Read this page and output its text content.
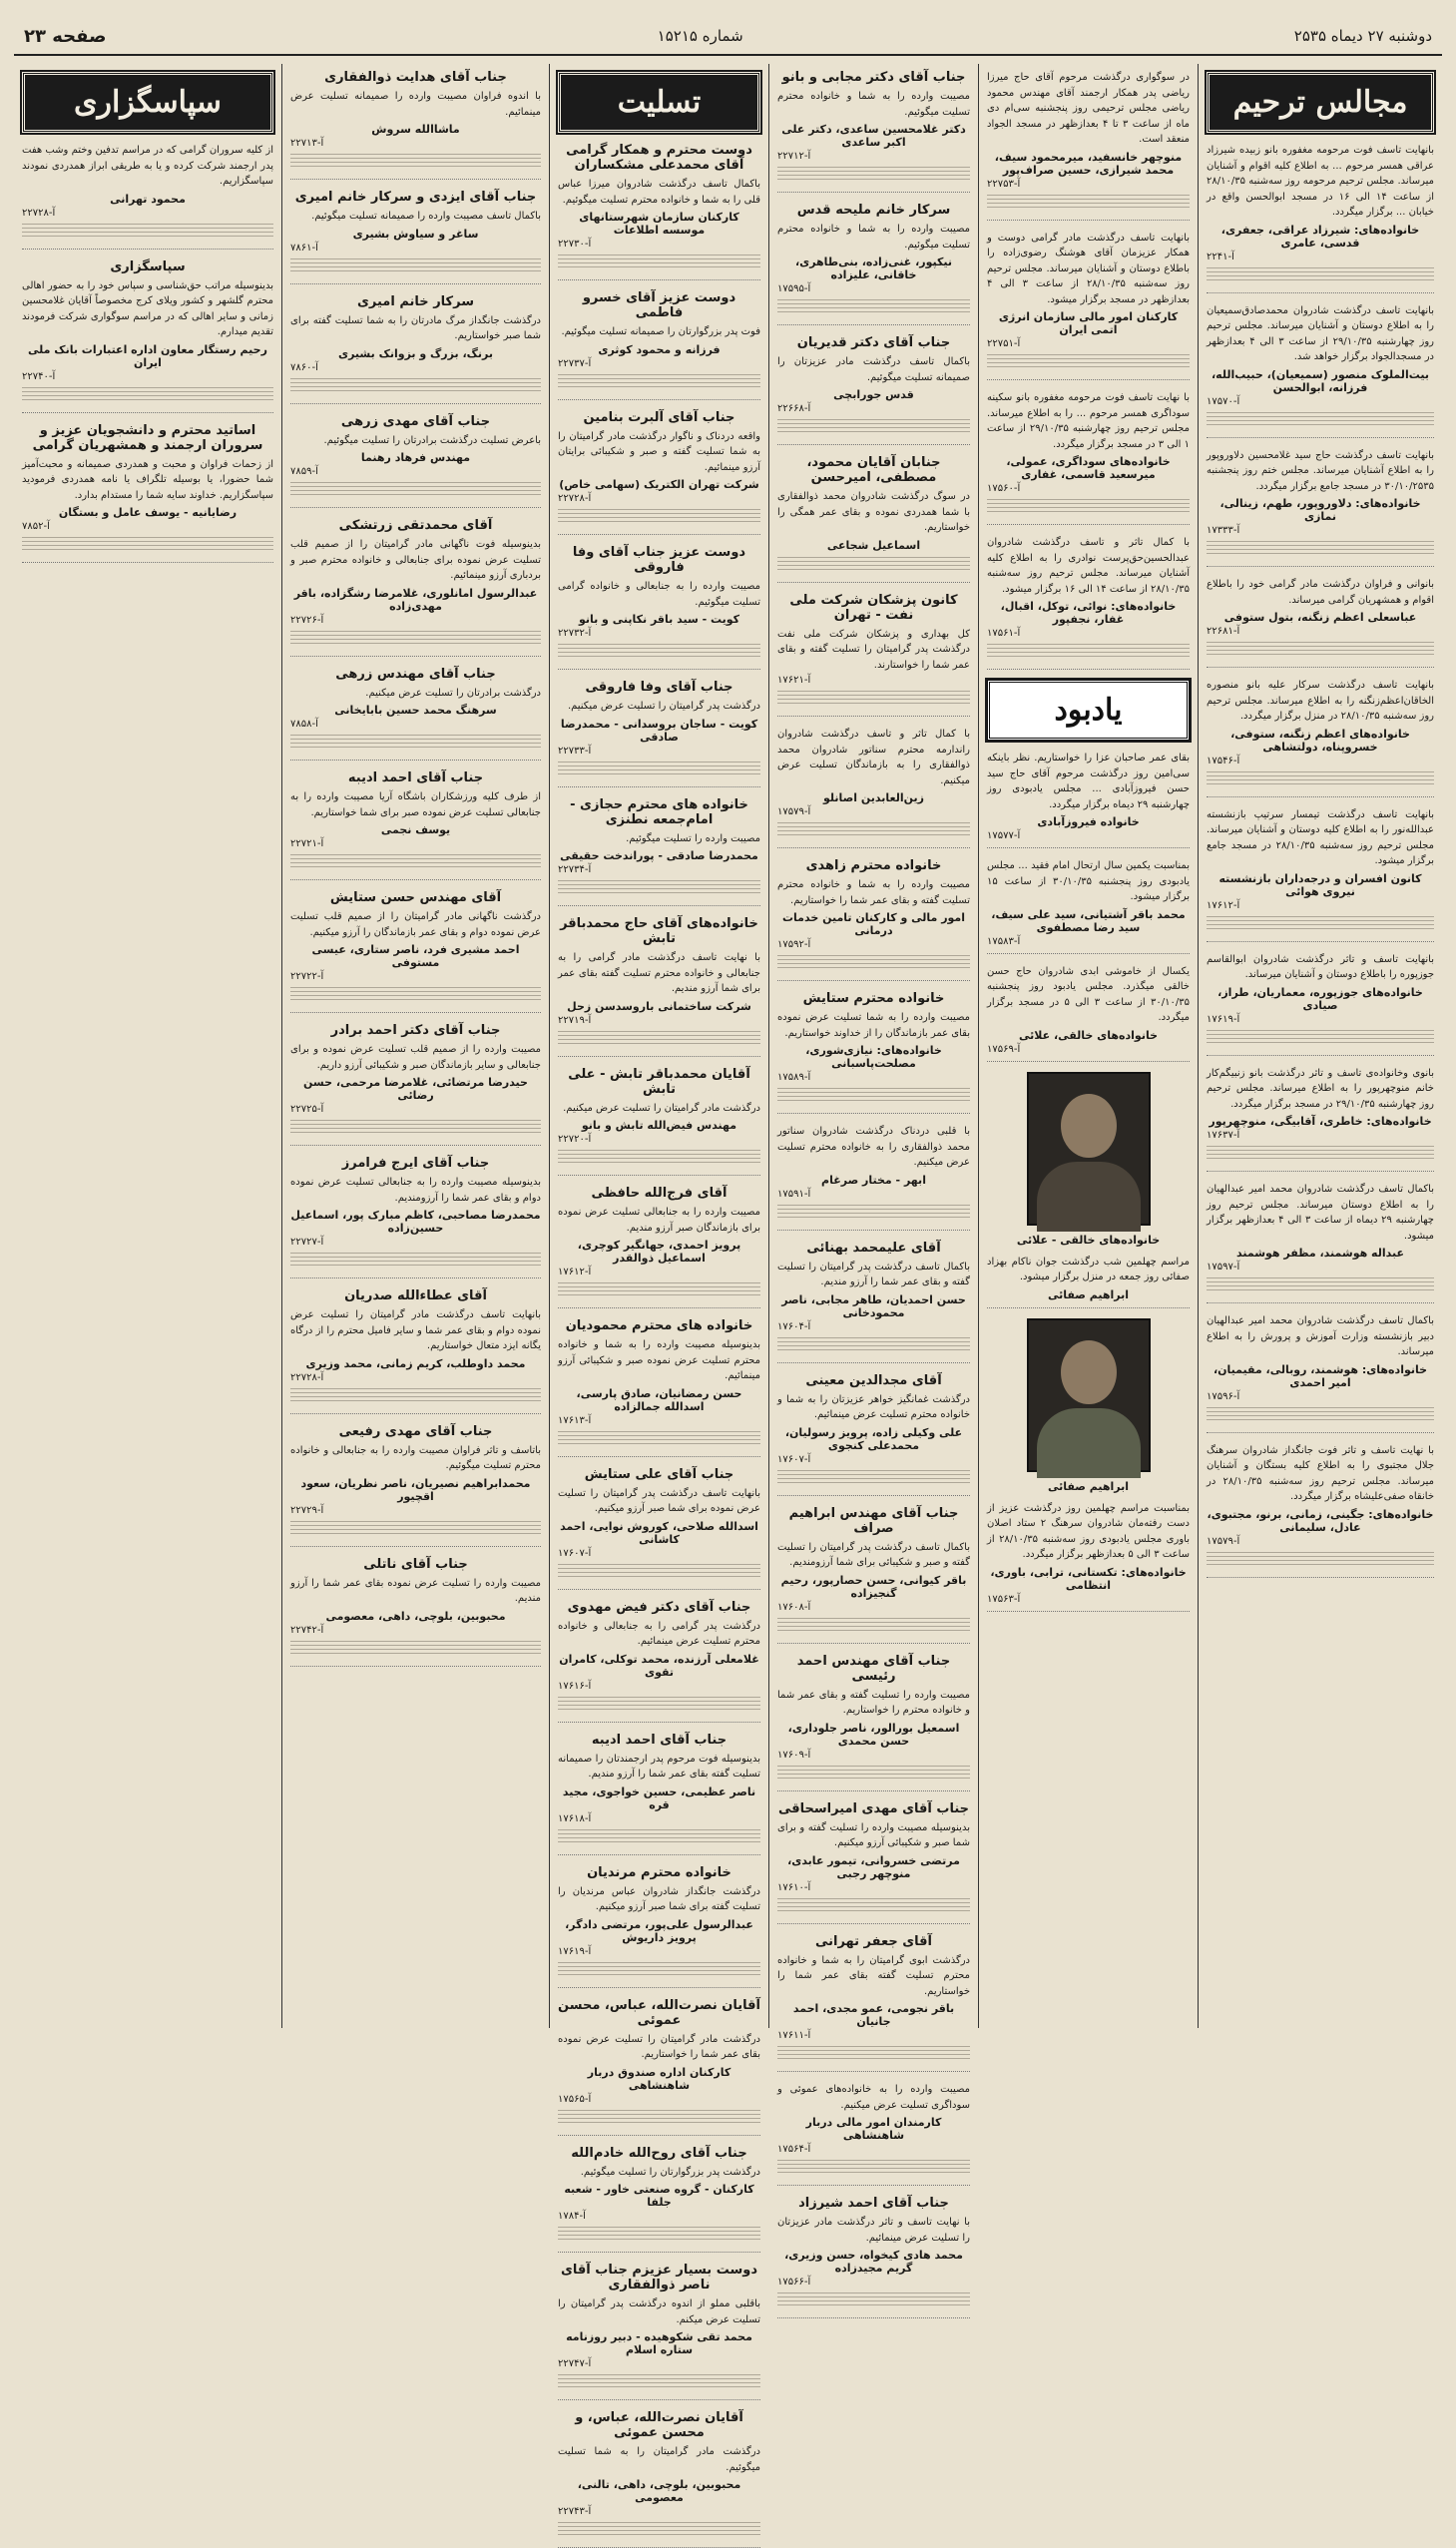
دوشنبه ۲۷ دیماه ۲۵۳۵
شماره ۱۵۲۱۵
صفحه ۲۳
مجالس ترحیم

بانهایت تاسف فوت مرحومه مغفوره بانو زبیده شیرزاد عراقی همسر مرحوم ... به اطلاع کلیه اقوام و آشنایان میرساند. مجلس ترحیم مرحومه روز سه‌شنبه ۲۸/۱۰/۳۵ از ساعت ۱۴ الی ۱۶ در مسجد ابوالحسن واقع در خیابان ... برگزار میگردد.

خانواده‌های: شیرزاد عراقی، جعفری، قدسی، عامری
آ-۲۲۴۱

بانهایت تاسف درگذشت شادروان محمدصادق‌سمیعیان را به اطلاع دوستان و آشنایان میرساند. مجلس ترحیم روز چهارشنبه ۲۹/۱۰/۳۵ از ساعت ۳ الی ۴ بعدازظهر در مسجدالجواد برگزار خواهد شد.

بیت‌الملوک منصور (سمیعیان)، حبیب‌الله، فرزانه، ابوالحسن
آ-۱۷۵۷۰

بانهایت تاسف درگذشت حاج سید غلامحسین دلاوروپور را به اطلاع آشنایان میرساند. مجلس ختم روز پنجشنبه ۳۰/۱۰/۲۵۳۵ در مسجد جامع برگزار میگردد.

خانواده‌های: دلاوروپور، طهم، زینالی، نمازی
آ-۱۷۳۳۳

بانوانی و فراوان درگذشت مادر گرامی خود را باطلاع اقوام و همشهریان گرامی میرساند.

عباسعلی اعظم زنگنه، بتول ستوفی
آ-۲۲۶۸۱

بانهایت تاسف درگذشت سرکار علیه بانو منصوره الخاقان‌اعظم‌زنگنه را به اطلاع میرساند. مجلس ترحیم روز سه‌شنبه ۲۸/۱۰/۳۵ در منزل برگزار میگردد.

خانواده‌های اعظم زنگنه، ستوفی، خسروپناه، دولتشاهی
آ-۱۷۵۴۶

بانهایت تاسف درگذشت تیمسار سرتیپ بازنشسته عبدالله‌نور را به اطلاع کلیه دوستان و آشنایان میرساند. مجلس ترحیم روز سه‌شنبه ۲۸/۱۰/۳۵ در مسجد جامع برگزار میشود.

کانون افسران و درجه‌داران بازنشسته نیروی هوائی
آ-۱۷۶۱۲

بانهایت تاسف و تاثر درگذشت شادروان ابوالقاسم جوزپوره را باطلاع دوستان و آشنایان میرساند.

خانواده‌های جوزپوره، معماریان، طراز، صیادی
آ-۱۷۶۱۹

بانوی وخانواده‌ی تاسف و تاثر درگذشت بانو زنبیگم‌کار خانم منوچهرپور را به اطلاع میرساند. مجلس ترحیم روز چهارشنبه ۲۹/۱۰/۳۵ در مسجد برگزار میگردد.

خانواده‌های: خاطری، آقابیگی، منوچهرپور
آ-۱۷۶۳۷

باکمال تاسف درگذشت شادروان محمد امیر عبدالهیان را به اطلاع دوستان میرساند. مجلس ترحیم روز چهارشنبه ۲۹ دیماه از ساعت ۳ الی ۴ بعدازظهر برگزار میشود.

عبداله هوشمند، مظفر هوشمند
آ-۱۷۵۹۷

باکمال تاسف درگذشت شادروان محمد امیر عبدالهیان دبیر بازنشسته وزارت آموزش و پرورش را به اطلاع میرساند.

خانواده‌های: هوشمند، روبالی، مقیمیان، امیر احمدی
آ-۱۷۵۹۶

با نهایت تاسف و تاثر فوت جانگداز شادروان سرهنگ جلال مجتبوی را به اطلاع کلیه بستگان و آشنایان میرساند. مجلس ترحیم روز سه‌شنبه ۲۸/۱۰/۳۵ در خانقاه صفی‌علیشاه برگزار میگردد.

خانواده‌های: جگینی، زمانی، برنو، مجتبوی، عادل، سلیمانی
آ-۱۷۵۷۹

در سوگواری درگذشت مرحوم آقای حاج میرزا ریاضی پدر همکار ارجمند آقای مهندس محمود ریاضی مجلس ترحیمی روز پنجشنبه سی‌ام دی ماه از ساعت ۳ تا ۴ بعدازظهر در مسجد الجواد منعقد است.

منوچهر خانسفید، میرمحمود سیف، محمد شیرازی، حسین صراف‌پور
آ-۲۲۷۵۳

بانهایت تاسف درگذشت مادر گرامی دوست و همکار عزیزمان آقای هوشنگ رضوی‌زاده را باطلاع دوستان و آشنایان میرساند. مجلس ترحیم روز سه‌شنبه ۲۸/۱۰/۳۵ از ساعت ۳ الی ۴ بعدازظهر در مسجد برگزار میشود.

کارکنان امور مالی سازمان انرژی اتمی ایران
آ-۲۲۷۵۱

با نهایت تاسف فوت مرحومه مغفوره بانو سکینه سودا‌گری همسر مرحوم ... را به اطلاع میرساند. مجلس ترحیم روز چهارشنبه ۲۹/۱۰/۳۵ از ساعت ۱ الی ۳ در مسجد برگزار میگردد.

خانواده‌های سودا‌گری، عمولی، میرسعید قاسمی، غفاری
آ-۱۷۵۶۰

با کمال تاثر و تاسف درگذشت شادروان عبدالحسین‌حق‌پرست نوادری را به اطلاع کلیه آشنایان میرساند. مجلس ترحیم روز سه‌شنبه ۲۸/۱۰/۳۵ از ساعت ۱۴ الی ۱۶ برگزار میشود.

خانواده‌های: نوائی، توکل، اقبال، غفار، نجفپور
آ-۱۷۵۶۱
یادبود

بقای عمر صاحبان عزا را خواستاریم. نظر باینکه سی‌امین روز درگذشت مرحوم آقای حاج سید حسن فیروزآبادی ... مجلس یادبودی روز چهارشنبه ۲۹ دیماه برگزار میگردد.

خانواده فیروزآبادی
آ-۱۷۵۷۷

بمناسبت یکمین سال ارتحال امام فقید ... مجلس یادبودی روز پنجشنبه ۳۰/۱۰/۳۵ از ساعت ۱۵ برگزار میشود.

محمد باقر آشتیانی، سید علی سیف، سید رضا مصطفوی
آ-۱۷۵۸۳

یکسال از خاموشی ابدی شادروان حاج حسن خالقی میگذرد. مجلس یادبود روز پنجشنبه ۳۰/۱۰/۳۵ از ساعت ۳ الی ۵ در مسجد برگزار میگردد.

خانواده‌های خالقی، علائی
آ-۱۷۵۶۹
خانواده‌های خالقی - علائی

مراسم چهلمین شب درگذشت جوان ناکام بهزاد صفائی روز جمعه در منزل برگزار میشود.

ابراهیم صفائی
ابراهیم صفائی

بمناسبت مراسم چهلمین روز درگذشت عزیز از دست رفته‌مان شادروان سرهنگ ۲ ستاد اصلان باوری مجلس یادبودی روز سه‌شنبه ۲۸/۱۰/۳۵ از ساعت ۳ الی ۵ بعدازظهر برگزار میگردد.

خانواده‌های: تکستانی، ترابی، باوری، انتظامی
آ-۱۷۵۶۳
جناب آقای دکتر مجابی و بانو

مصیبت وارده را به شما و خانواده محترم تسلیت میگوئیم.

دکتر غلامحسین ساعدی، دکتر علی اکبر ساعدی
آ-۲۲۷۱۲
سرکار خانم ملیحه قدس

مصیبت وارده را به شما و خانواده محترم تسلیت میگوئیم.

نیکپور، غنی‌زاده، بنی‌طاهری، خاقانی، علیزاده
آ-۱۷۵۹۵
جناب آقای دکتر قدیریان

باکمال تاسف درگذشت مادر عزیزتان را صمیمانه تسلیت میگوئیم.

قدس جورابچی
آ-۲۲۶۶۸
جنابان آقایان محمود، مصطفی، امیرحسن

در سوگ درگذشت شادروان محمد ذوالفقاری با شما همدردی نموده و بقای عمر همگی را خواستاریم.

اسماعیل شجاعی
کانون پزشکان شرکت ملی نفت - تهران

کل بهداری و پزشکان شرکت ملی نفت درگذشت پدر گرامیتان را تسلیت گفته و بقای عمر شما را خواستارند.

آ-۱۷۶۲۱

با کمال تاثر و تاسف درگذشت شادروان راندارمه محترم سناتور شادروان محمد ذوالفقاری را به بازماندگان تسلیت عرض میکنیم.

زین‌العابدین اصانلو
آ-۱۷۵۷۹
خانواده محترم زاهدی

مصیبت وارده را به شما و خانواده محترم تسلیت گفته و بقای عمر شما را خواستاریم.

امور مالی و کارکنان تامین خدمات درمانی
آ-۱۷۵۹۲
خانواده محترم ستایش

مصیبت وارده را به شما تسلیت عرض نموده بقای عمر بازماندگان را از خداوند خواستاریم.

خانواده‌های: نیازی‌شوری، مصلحت‌پاسبانی
آ-۱۷۵۸۹

با قلبی دردناک درگذشت شادروان سناتور محمد ذوالفقاری را به خانواده محترم تسلیت عرض میکنیم.

ابهر - مختار صرغام
آ-۱۷۵۹۱
آقای علیمحمد بهنائی

باکمال تاسف درگذشت پدر گرامیتان را تسلیت گفته و بقای عمر شما را آرزو مندیم.

حسن احمدیان، طاهر مجابی، ناصر محمودخانی
آ-۱۷۶۰۴
آقای مجدالدین معینی

درگذشت غمانگیز خواهر عزیزتان را به شما و خانواده محترم تسلیت عرض مینمائیم.

علی وکیلی زاده، پرویز رسولیان، محمدعلی کنجوی
آ-۱۷۶۰۷
جناب آقای مهندس ابراهیم صراف

باکمال تاسف درگذشت پدر گرامیتان را تسلیت گفته و صبر و شکیبائی برای شما آرزومندیم.

باقر کیوانی، حسن حصارپور، رحیم گنجیزاده
آ-۱۷۶۰۸
جناب آقای مهندس احمد رئیسی

مصیبت وارده را تسلیت گفته و بقای عمر شما و خانواده محترم را خواستاریم.

اسمعیل بورالور، ناصر جلوداری، حسن محمدی
آ-۱۷۶۰۹
جناب آقای مهدی امیراسحاقی

بدینوسیله مصیبت وارده را تسلیت گفته و برای شما صبر و شکیبائی آرزو میکنیم.

مرتضی خسروانی، تیمور عابدی، منوچهر رجبی
آ-۱۷۶۱۰
آقای جعفر تهرانی

درگذشت ابوی گرامیتان را به شما و خانواده محترم تسلیت گفته بقای عمر شما را خواستاریم.

باقر نجومی، عمو مجدی، احمد جانیان
آ-۱۷۶۱۱

مصیبت وارده را به خانواده‌های عموئی و سوداگری تسلیت عرض میکنیم.

کارمندان امور مالی دربار شاهنشاهی
آ-۱۷۵۶۴
جناب آقای احمد شیرزاد

با نهایت تاسف و تاثر درگذشت مادر عزیزتان را تسلیت عرض مینمائیم.

محمد هادی کیخواه، حسن وزیری، گریم مجیدزاده
آ-۱۷۵۶۶
تسلیت
دوست محترم و همکار گرامی آقای محمدعلی مشکساران

باکمال تاسف درگذشت شادروان میرزا عباس قلی را به شما و خانواده محترم تسلیت میگوئیم.

کارکنان سازمان شهرستانهای موسسه اطلاعات
آ-۲۲۷۳۰
دوست عزیز آقای خسرو فاطمی

فوت پدر بزرگوارتان را صمیمانه تسلیت میگوئیم.

فرزانه و محمود کوثری
آ-۲۲۷۳۷
جناب آقای آلبرت بنامین

واقعه دردناک و ناگوار درگذشت مادر گرامیتان را به شما تسلیت گفته و صبر و شکیبائی برایتان آرزو مینمائیم.

شرکت تهران الکتریک (سهامی خاص)
آ-۲۲۷۲۸
دوست عزیز جناب آقای وفا فاروقی

مصیبت وارده را به جنابعالی و خانواده گرامی تسلیت میگوئیم.

کویت - سید باقر نکاپنی و بانو
آ-۲۲۷۳۲
جناب آقای وفا فاروقی

درگذشت پدر گرامیتان را تسلیت عرض میکنیم.

کویت - ساجان بروسدانی - محمدرضا صادقی
آ-۲۲۷۳۳
خانواده های محترم حجازی - امام‌جمعه نطنزی

مصیبت وارده را تسلیت میگوئیم.

محمدرضا صادقی - پوراندخت حقیقی
آ-۲۲۷۳۴
خانواده‌های آقای حاج محمدباقر تابش

با نهایت تاسف درگذشت مادر گرامی را به جنابعالی و خانواده محترم تسلیت گفته بقای عمر برای شما آرزو مندیم.

شرکت ساختمانی باروسدسن زحل
آ-۲۲۷۱۹
آقایان محمدباقر تابش - علی تابش

درگذشت مادر گرامیتان را تسلیت عرض میکنیم.

مهندس فیض‌الله تابش و بانو
آ-۲۲۷۲۰
آقای فرج‌الله حافظی

مصیبت وارده را به جنابعالی تسلیت عرض نموده برای بازماندگان صبر آرزو مندیم.

پرویز احمدی، جهانگیر کوچری، اسماعیل ذوالقدر
آ-۱۷۶۱۲
خانواده های محترم محمودیان

بدینوسیله مصیبت وارده را به شما و خانواده محترم تسلیت عرض نموده صبر و شکیبائی آرزو مینمائیم.

حسن رمضانیان، صادق پارسی، اسدالله جمالزاده
آ-۱۷۶۱۳
جناب آقای علی ستایش

بانهایت تاسف درگذشت پدر گرامیتان را تسلیت عرض نموده برای شما صبر آرزو میکنیم.

اسدالله صلاحی، کوروش نوایی، احمد کاشانی
آ-۱۷۶۰۷
جناب آقای دکتر فیض مهدوی

درگذشت پدر گرامی را به جنابعالی و خانواده محترم تسلیت عرض مینمائیم.

غلامعلی آرزنده، محمد توکلی، کامران تقوی
آ-۱۷۶۱۶
جناب آقای احمد ادیبه

بدینوسیله فوت مرحوم پدر ارجمندتان را صمیمانه تسلیت گفته بقای عمر شما را آرزو مندیم.

ناصر عظیمی، حسین خواجوی، مجید قره
آ-۱۷۶۱۸
خانواده محترم مرندیان

درگذشت جانگداز شادروان عباس مرندیان را تسلیت گفته برای شما صبر آرزو میکنیم.

عبدالرسول علی‌پور، مرتضی دادگر، پرویز داریوش
آ-۱۷۶۱۹
آقایان نصرت‌الله، عباس، محسن عموئی

درگذشت مادر گرامیتان را تسلیت عرض نموده بقای عمر شما را خواستاریم.

کارکنان اداره صندوق دربار شاهنشاهی
آ-۱۷۵۶۵
جناب آقای روح‌الله خادم‌الله

درگذشت پدر بزرگوارتان را تسلیت میگوئیم.

کارکنان - گروه صنعتی خاور - شعبه جلفا
آ-۱۷۸۴
دوست بسیار عزیزم جناب آقای ناصر ذوالفقاری

باقلبی مملو از اندوه درگذشت پدر گرامیتان را تسلیت عرض میکنم.

محمد تقی شکوهیده - دبیر روزنامه ستاره اسلام
آ-۲۲۷۴۷
آقایان نصرت‌الله، عباس، و محسن عموئی

درگذشت مادر گرامیتان را به شما تسلیت میگوئیم.

محبوبین، بلوچی، داهی، تالنی، معصومی
آ-۲۲۷۴۳
جناب آقای هدایت ذوالفقاری

با اندوه فراوان مصیبت وارده را صمیمانه تسلیت عرض مینمائیم.

ماشاالله سروش
آ-۲۲۷۱۳
جناب آقای ایزدی و سرکار خانم امیری

باکمال تاسف مصیبت وارده را صمیمانه تسلیت میگوئیم.

ساغر و سیاوش بشیری
آ-۷۸۶۱
سرکار خانم امیری

درگذشت جانگداز مرگ مادرتان را به شما تسلیت گفته برای شما صبر خواستاریم.

برنگ، بزرگ و بزوانک بشیری
آ-۷۸۶۰
جناب آقای مهدی زرهی

باعرض تسلیت درگذشت برادرتان را تسلیت میگوئیم.

مهندس فرهاد رهنما
آ-۷۸۵۹
آقای محمدتقی زرتشکی

بدینوسیله فوت ناگهانی مادر گرامیتان را از صمیم قلب تسلیت عرض نموده برای جنابعالی و خانواده محترم صبر و بردباری آرزو مینمائیم.

عبدالرسول امانلوری، غلامرضا رشگزاده، باقر مهدی‌زاده
آ-۲۲۷۲۶
جناب آقای مهندس زرهی

درگذشت برادرتان را تسلیت عرض میکنیم.

سرهنگ محمد حسین بابایخانی
آ-۷۸۵۸
جناب آقای احمد ادیبه

از طرف کلیه ورزشکاران باشگاه آریا مصیبت وارده را به جنابعالی تسلیت عرض نموده صبر برای شما خواستاریم.

یوسف نجمی
آ-۲۲۷۲۱
آقای مهندس حسن ستایش

درگذشت ناگهانی مادر گرامیتان را از صمیم قلب تسلیت عرض نموده دوام و بقای عمر بازماندگان را آرزو میکنیم.

احمد مشیری فرد، ناصر ستاری، عیسی مستوفی
آ-۲۲۷۲۲
جناب آقای دکتر احمد برادر

مصیبت وارده را از صمیم قلب تسلیت عرض نموده و برای جنابعالی و سایر بازماندگان صبر و شکیبائی آرزو داریم.

حیدرضا مرتضائی، غلامرضا مرحمی، حسن رضائی
آ-۲۲۷۲۵
جناب آقای ایرج فرامرز

بدینوسیله مصیبت وارده را به جنابعالی تسلیت عرض نموده دوام و بقای عمر شما را آرزومندیم.

محمدرضا مصاحبی، کاظم مبارک پور، اسماعیل حسین‌زاده
آ-۲۲۷۲۷
آقای عطاءالله صدریان

بانهایت تاسف درگذشت مادر گرامیتان را تسلیت عرض نموده دوام و بقای عمر شما و سایر فامیل محترم را از درگاه یگانه ایزد متعال خواستاریم.

محمد داوطلب، کریم زمانی، محمد وزیری
آ-۲۲۷۲۸
جناب آقای مهدی رفیعی

باتاسف و تاثر فراوان مصیبت وارده را به جنابعالی و خانواده محترم تسلیت میگوئیم.

محمدابراهیم نصیریان، ناصر نظریان، سعود اقچیور
آ-۲۲۷۲۹
جناب آقای ناتلی

مصیبت وارده را تسلیت عرض نموده بقای عمر شما را آرزو مندیم.

محبوبین، بلوچی، داهی، معصومی
آ-۲۲۷۴۲
سپاسگزاری

از کلیه سروران گرامی که در مراسم تدفین وختم وشب هفت پدر ارجمند شرکت کرده و یا به طریقی ابراز همدردی نمودند سپاسگزاریم.

محمود تهرانی
آ-۲۲۷۲۸
سپاسگزاری

بدینوسیله مراتب حق‌شناسی و سپاس خود را به حضور اهالی محترم گلشهر و کشور ویلای کرج مخصوصاً آقایان غلامحسین زمانی و سایر اهالی که در مراسم سوگواری شرکت فرمودند تقدیم میدارم.

رحیم رستگار معاون اداره اعتبارات بانک ملی ایران
آ-۲۲۷۴۰
اساتید محترم و دانشجویان عزیز و سروران ارجمند و همشهریان گرامی

از زحمات فراوان و محبت و همدردی صمیمانه و محبت‌آمیز شما حضورا، یا بوسیله تلگراف یا نامه همدردی فرمودید سپاسگزاریم. خداوند سایه شما را مستدام بدارد.

رضایانیه - یوسف عامل و بستگان
آ-۷۸۵۲
